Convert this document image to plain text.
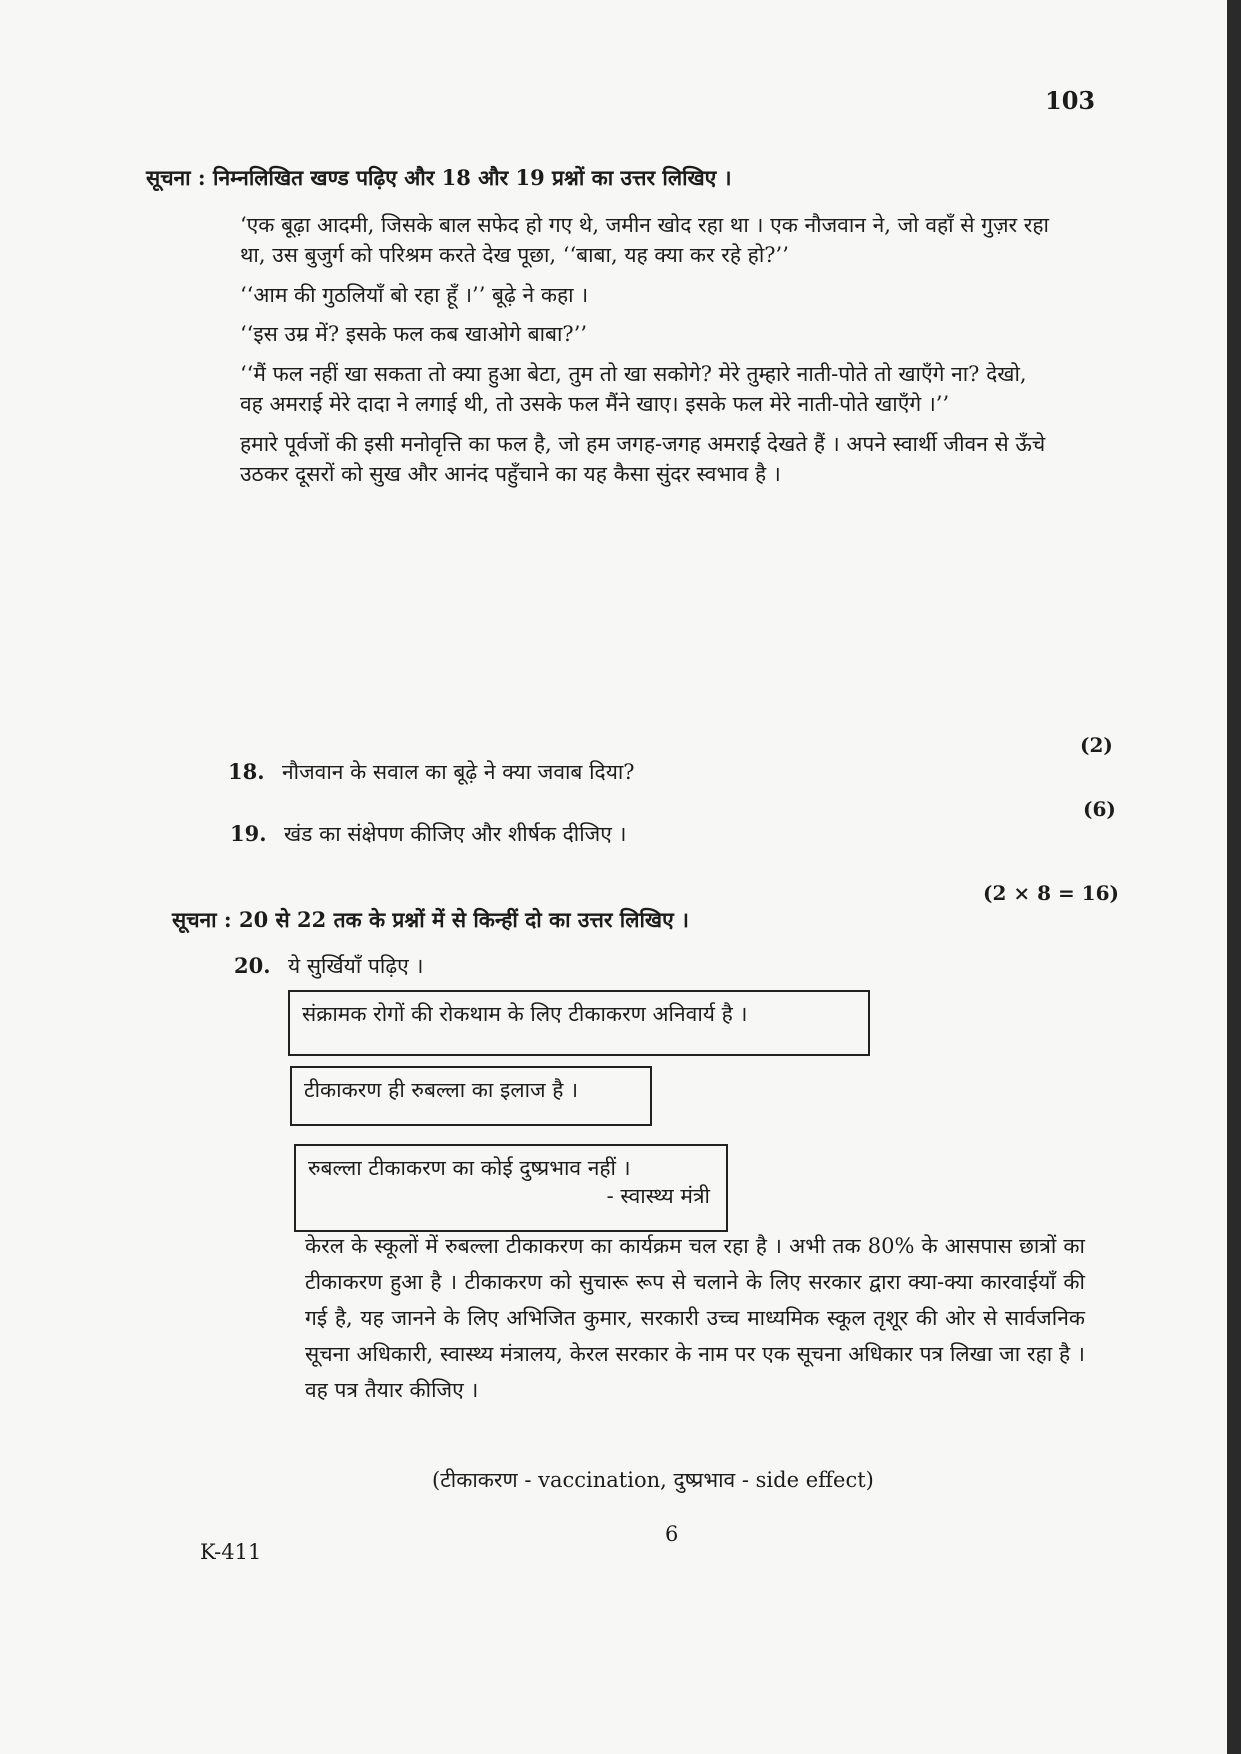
103
सूचना : निम्नलिखित खण्ड पढ़िए और 18 और 19 प्रश्नों का उत्तर लिखिए ।

‘एक बूढ़ा आदमी, जिसके बाल सफेद हो गए थे, जमीन खोद रहा था । एक नौजवान ने, जो वहाँ से गुज़र रहा था, उस बुजुर्ग को परिश्रम करते देख पूछा, ‘‘बाबा, यह क्या कर रहे हो?’’

‘‘आम की गुठलियाँ बो रहा हूँ ।’’ बूढ़े ने कहा ।

‘‘इस उम्र में? इसके फल कब खाओगे बाबा?’’

‘‘मैं फल नहीं खा सकता तो क्या हुआ बेटा, तुम तो खा सकोगे? मेरे तुम्हारे नाती-पोते तो खाएँगे ना? देखो, वह अमराई मेरे दादा ने लगाई थी, तो उसके फल मैंने खाए। इसके फल मेरे नाती-पोते खाएँगे ।’’

हमारे पूर्वजों की इसी मनोवृत्ति का फल है, जो हम जगह-जगह अमराई देखते हैं । अपने स्वार्थी जीवन से ऊँचे उठकर दूसरों को सुख और आनंद पहुँचाने का यह कैसा सुंदर स्वभाव है ।

18. नौजवान के सवाल का बूढ़े ने क्या जवाब दिया?
(2)
19. खंड का संक्षेपण कीजिए और शीर्षक दीजिए ।
(6)
सूचना : 20 से 22 तक के प्रश्नों में से किन्हीं दो का उत्तर लिखिए ।
(2 × 8 = 16)
20. ये सुर्खियाँ पढ़िए ।
संक्रामक रोगों की रोकथाम के लिए टीकाकरण अनिवार्य है ।
टीकाकरण ही रुबल्ला का इलाज है ।
रुबल्ला टीकाकरण का कोई दुष्प्रभाव नहीं ।
- स्वास्थ्य मंत्री
केरल के स्कूलों में रुबल्ला टीकाकरण का कार्यक्रम चल रहा है । अभी तक 80% के आसपास छात्रों का टीकाकरण हुआ है । टीकाकरण को सुचारू रूप से चलाने के लिए सरकार द्वारा क्या-क्या कारवाईयाँ की गई है, यह जानने के लिए अभिजित कुमार, सरकारी उच्च माध्यमिक स्कूल तृशूर की ओर से सार्वजनिक सूचना अधिकारी, स्वास्थ्य मंत्रालय, केरल सरकार के नाम पर एक सूचना अधिकार पत्र लिखा जा रहा है । वह पत्र तैयार कीजिए ।
(टीकाकरण - vaccination, दुष्प्रभाव - side effect)
6
K-411
